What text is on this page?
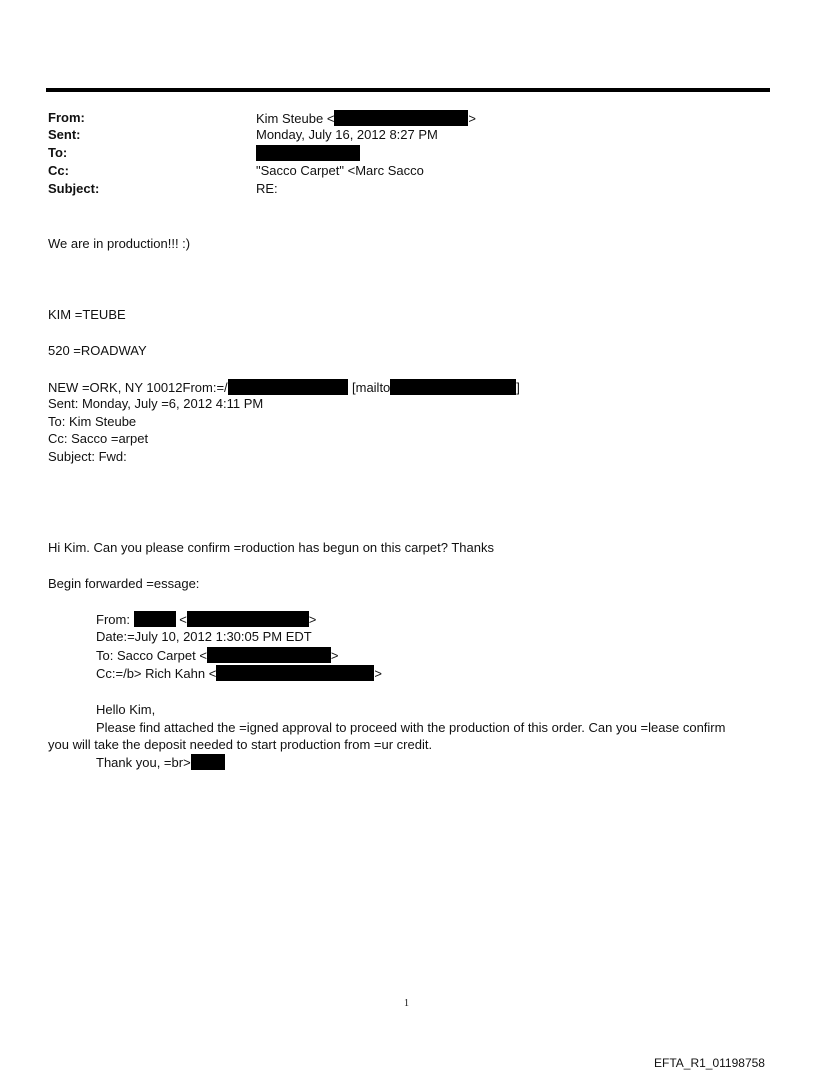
From:	Kim Steube <	>
Sent:	Monday, July 16, 2012 8:27 PM
To:
Cc:	"Sacco Carpet" <Marc Sacco
Subject:	RE:
We are in production!!! :)
KIM =TEUBE
520 =ROADWAY
NEW =ORK, NY 10012From:=/	[mailto	]
Sent: Monday, July =6, 2012 4:11 PM
To: Kim Steube
Cc: Sacco =arpet
Subject: Fwd:
Hi Kim. Can you please confirm =roduction has begun on this carpet? Thanks
Begin forwarded =essage:
From:	<	>
Date:=July 10, 2012 1:30:05 PM EDT
To: Sacco Carpet <	>
Cc:=/b> Rich Kahn <	>
Hello Kim,
Please find attached the =igned approval to proceed with the production of this order. Can you =lease confirm
you will take the deposit needed to start production from =ur credit.
Thank you, =br>
1
EFTA_R1_01198758
